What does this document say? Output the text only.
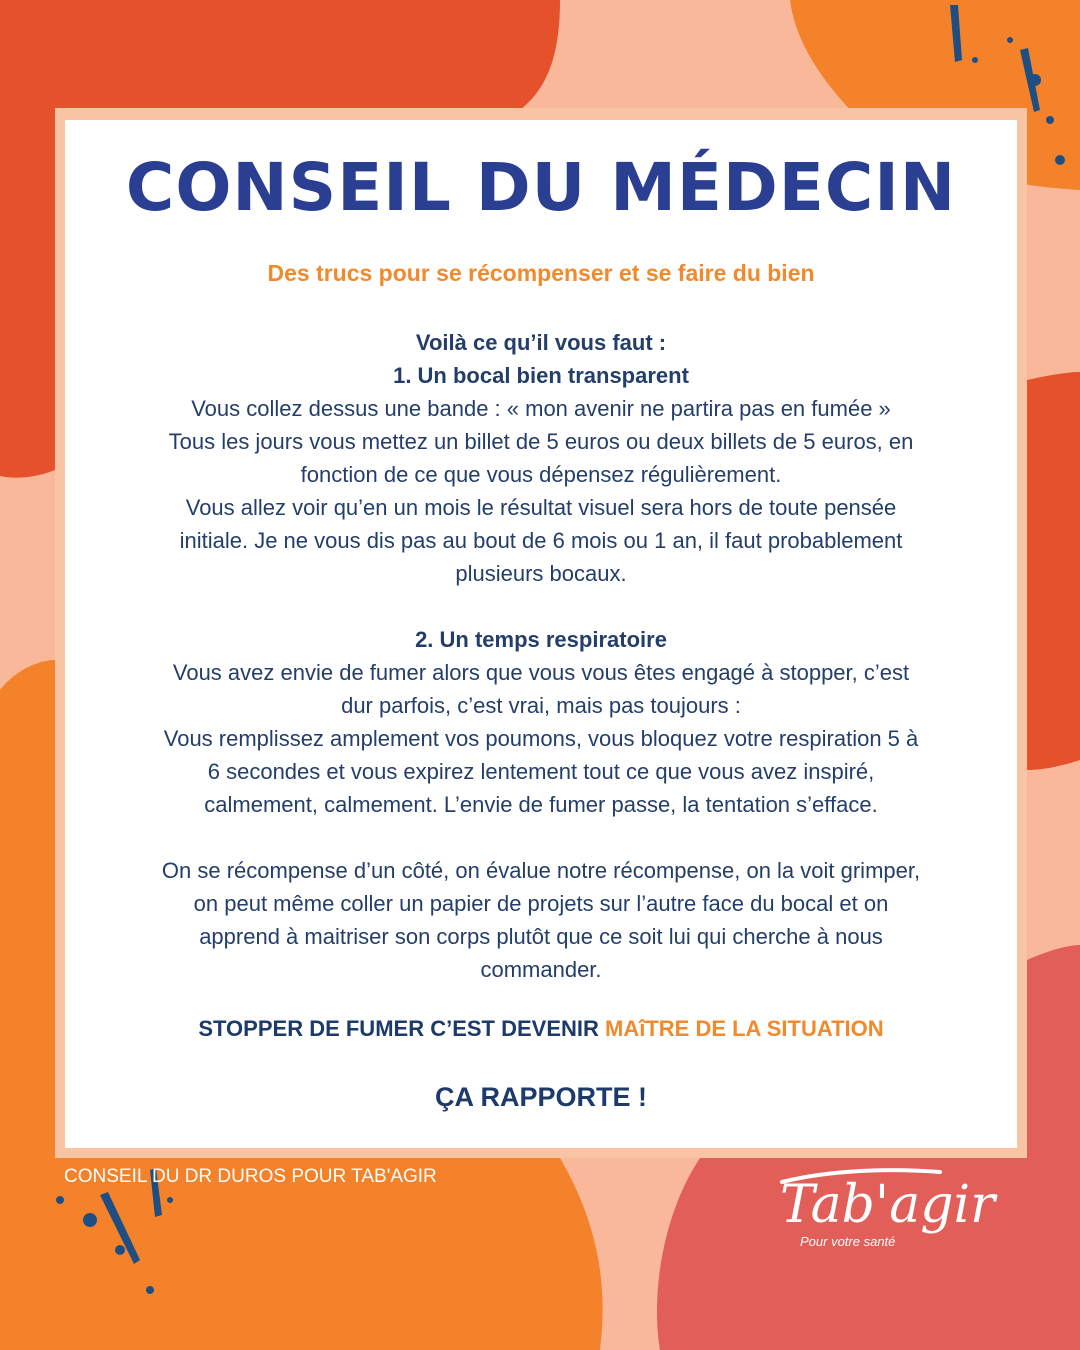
CONSEIL DU MÉDECIN
Des trucs pour se récompenser et se faire du bien

Voilà ce qu’il vous faut :

1. Un bocal bien transparent

Vous collez dessus une bande : « mon avenir ne partira pas en fumée »

Tous les jours vous mettez un billet de 5 euros ou deux billets de 5 euros, en

fonction de ce que vous dépensez régulièrement.

Vous allez voir qu’en un mois le résultat visuel sera hors de toute pensée

initiale. Je ne vous dis pas au bout de 6 mois ou 1 an, il faut probablement

plusieurs bocaux.

2. Un temps respiratoire

Vous avez envie de fumer alors que vous vous êtes engagé à stopper, c’est

dur parfois, c’est vrai, mais pas toujours :

Vous remplissez amplement vos poumons, vous bloquez votre respiration 5 à

6 secondes et vous expirez lentement tout ce que vous avez inspiré,

calmement, calmement. L’envie de fumer passe, la tentation s’efface.

On se récompense d’un côté, on évalue notre récompense, on la voit grimper,

on peut même coller un papier de projets sur l’autre face du bocal et on

apprend à maitriser son corps plutôt que ce soit lui qui cherche à nous

commander.

STOPPER DE FUMER C’EST DEVENIR MAîTRE DE LA SITUATION
ÇA RAPPORTE !
CONSEIL DU DR DUROS POUR TAB'AGIR	Tab'agir
Pour votre santé
